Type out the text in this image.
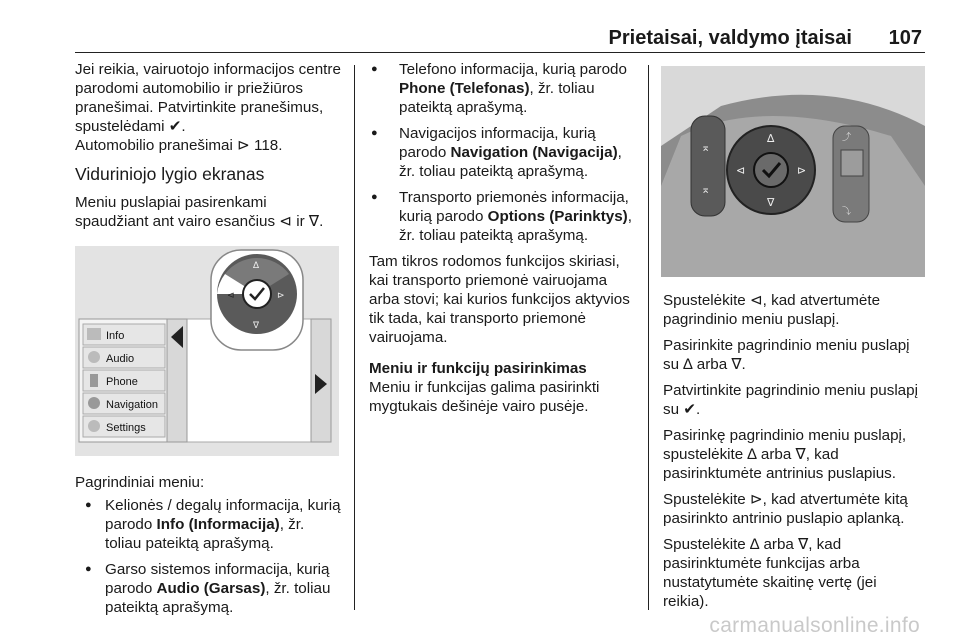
Prietaisai, valdymo įtaisai 107

Jei reikia, vairuotojo informacijos centre parodomi automobilio ir priežiūros pranešimai. Patvirtinkite pranešimus, spustelėdami ✔.

Automobilio pranešimai ⊳ 118.

Viduriniojo lygio ekranas

Meniu puslapiai pasirenkami spaudžiant ant vairo esančius ⊲ ir ∇.

Info
Audio
Phone
Navigation
Settings
∆
∇
⊲	⊳

Pagrindiniai meniu:

● Kelionės / degalų informacija, kurią parodo Info (Informacija), žr. toliau pateiktą aprašymą.
● Garso sistemos informacija, kurią parodo Audio (Garsas), žr. toliau pateiktą aprašymą.
● Telefono informacija, kurią parodo Phone (Telefonas), žr. toliau pateiktą aprašymą.
● Navigacijos informacija, kurią parodo Navigation (Navigacija), žr. toliau pateiktą aprašymą.
● Transporto priemonės informacija, kurią parodo Options (Parinktys), žr. toliau pateiktą aprašymą.

Tam tikros rodomos funkcijos skiriasi, kai transporto priemonė vairuojama arba stovi; kai kurios funkcijos aktyvios tik tada, kai transporto priemonė vairuojama.

Meniu ir funkcijų pasirinkimas

Meniu ir funkcijas galima pasirinkti mygtukais dešinėje vairo pusėje.

⌅
⌅
∆
∇
⊲	⊳
⤴
⤵

Spustelėkite ⊲, kad atvertumėte pagrindinio meniu puslapį.

Pasirinkite pagrindinio meniu puslapį su ∆ arba ∇.

Patvirtinkite pagrindinio meniu puslapį su ✔.

Pasirinkę pagrindinio meniu puslapį, spustelėkite ∆ arba ∇, kad pasirinktumėte antrinius puslapius.

Spustelėkite ⊳, kad atvertumėte kitą pasirinkto antrinio puslapio aplanką.

Spustelėkite ∆ arba ∇, kad pasirinktumėte funkcijas arba nustatytumėte skaitinę vertę (jei reikia).

carmanualsonline.info
